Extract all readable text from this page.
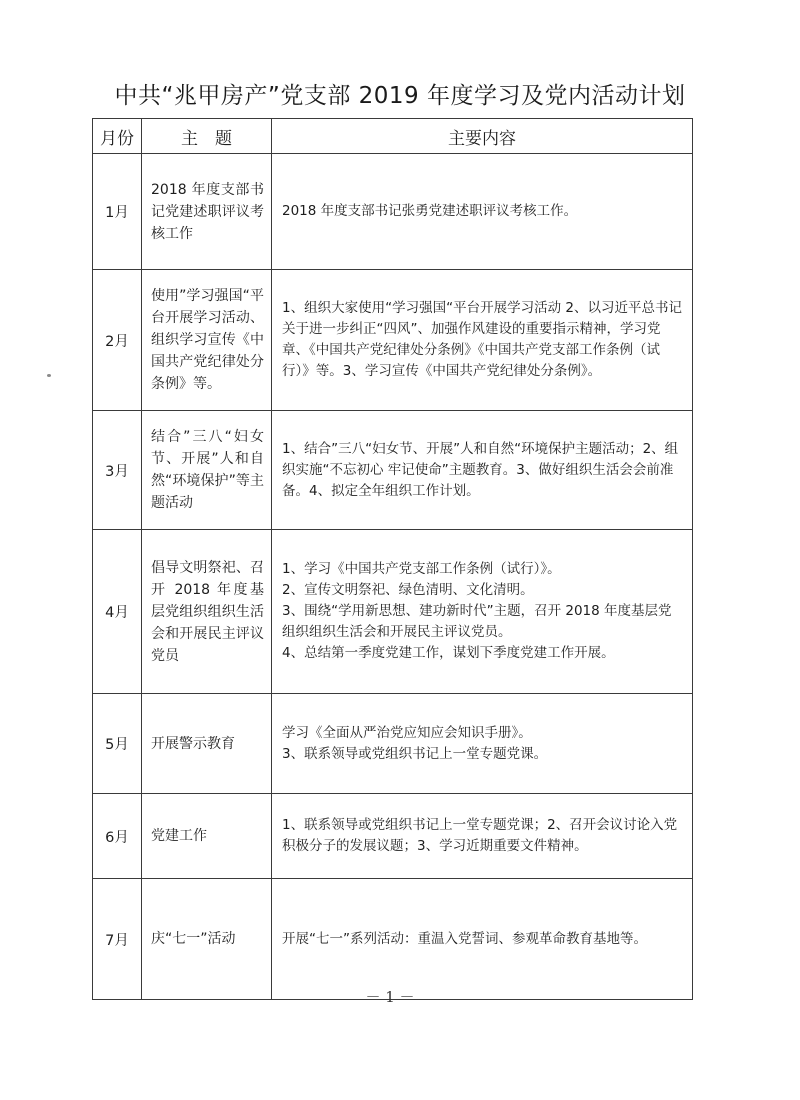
中共“兆甲房产”党支部 2019 年度学习及党内活动计划
月份	主　题	主要内容
1月	2018 年度支部书记党建述职评议考核工作	2018 年度支部书记张勇党建述职评议考核工作。

2月	使用”学习强国“平台开展学习活动、组织学习宣传《中国共产党纪律处分条例》等。	1、组织大家使用“学习强国“平台开展学习活动 2、以习近平总书记关于进一步纠正“四风”、加强作风建设的重要指示精神，学习党章、《中国共产党纪律处分条例》《中国共产党支部工作条例（试行）》等。3、学习宣传《中国共产党纪律处分条例》。

3月	结合”三八“妇女节、开展”人和自然“环境保护”等主题活动	1、结合”三八“妇女节、开展”人和自然“环境保护主题活动；2、组织实施“不忘初心 牢记使命”主题教育。3、做好组织生活会会前准备。4、拟定全年组织工作计划。

4月	倡导文明祭祀、召开 2018 年度基层党组织组织生活会和开展民主评议党员	1、学习《中国共产党支部工作条例（试行）》。
2、宣传文明祭祀、绿色清明、文化清明。
3、围绕“学用新思想、建功新时代”主题，召开 2018 年度基层党组织组织生活会和开展民主评议党员。
4、总结第一季度党建工作，谋划下季度党建工作开展。

5月	开展警示教育	学习《全面从严治党应知应会知识手册》。
3、联系领导或党组织书记上一堂专题党课。

6月	党建工作	1、联系领导或党组织书记上一堂专题党课；2、召开会议讨论入党积极分子的发展议题；3、学习近期重要文件精神。

7月	庆“七一”活动	开展“七一”系列活动：重温入党誓词、参观革命教育基地等。
－ 1 －
